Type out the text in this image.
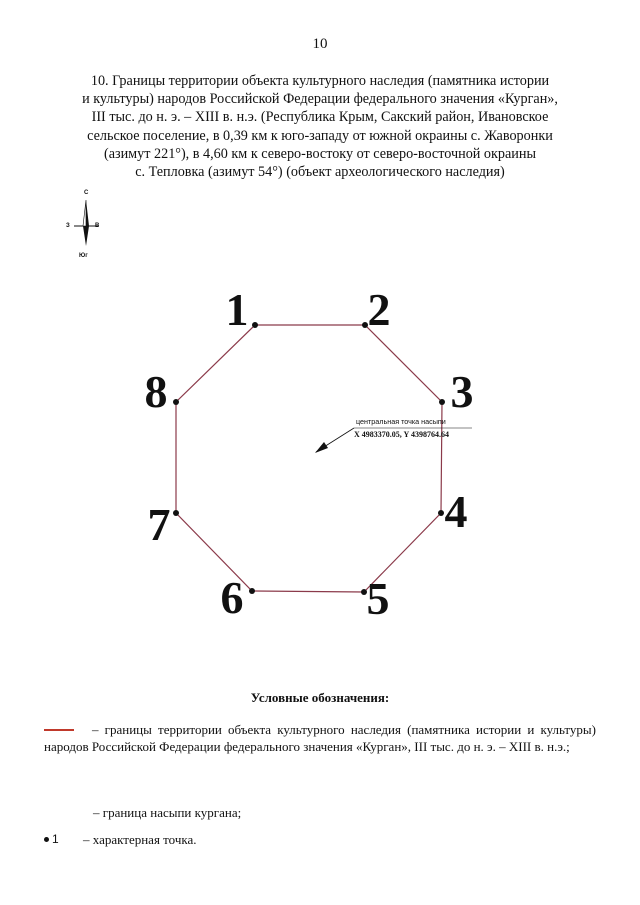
10
10. Границы территории объекта культурного наследия (памятника истории
и культуры) народов Российской Федерации федерального значения «Курган»,
III тыс. до н. э. – XIII в. н.э. (Республика Крым, Сакский район, Ивановское
сельское поселение, в 0,39 км к юго-западу от южной окраины с. Жаворонки
(азимут 221°), в 4,60 км к северо-востоку от северо-восточной окраины
с. Тепловка (азимут 54°) (объект археологического наследия)
С
З	В
Юг
1	2
3
4
5
6
7
8
центральная точка насыпи
X 4983370.05, Y 4398764.64
Условные обозначения:
– границы территории объекта культурного наследия (памятника истории и культуры)
народов Российской Федерации федерального значения «Курган», III тыс. до н. э. – XIII в. н.э.;
– граница насыпи кургана;
1 – характерная точка.
